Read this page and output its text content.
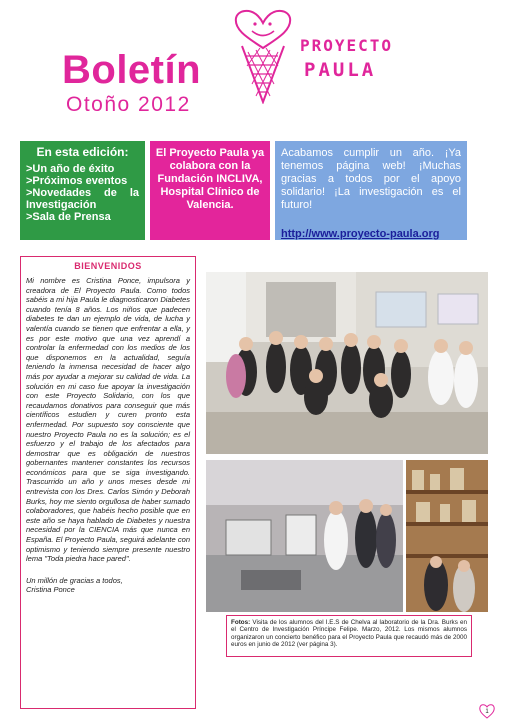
Boletín
Otoño 2012
PROYECTO
PAULA
En esta edición:
>Un año de éxito
>Próximos eventos
>Novedades de la
Investigación
>Sala de Prensa
El Proyecto Paula ya colabora con la Fundación INCLIVA, Hospital Clínico de Valencia.
Acabamos cumplir un año. ¡Ya tenemos página web! ¡Muchas gracias a todos por el apoyo solidario! ¡La investigación es el futuro!
http://www.proyecto-paula.org
BIENVENIDOS

Mi nombre es Cristina Ponce, impulsora y creadora de El Proyecto Paula. Como todos sabéis a mi hija Paula le diagnosticaron Diabetes cuando tenía 8 años. Los niños que padecen diabetes te dan un ejemplo de vida, de lucha y valentía cuando se tienen que enfrentar a ella, y es por este motivo que una vez aprendí a controlar la enfermedad con los medios de los que disponemos en la actualidad, seguía teniendo la inmensa necesidad de hacer algo más por ayudar a mejorar su calidad de vida. La solución en mi caso fue apoyar la investigación con este Proyecto Solidario, con los que recaudamos donativos para conseguir que más científicos estudien y curen pronto esta enfermedad. Por supuesto soy consciente que nuestro Proyecto Paula no es la solución; es el esfuerzo y el trabajo de los afectados para demostrar que es obligación de nuestros gobernantes mantener constantes los recursos económicos para que se siga investigando. Trascurrido un año y unos meses desde mi entrevista con los Dres. Carlos Simón y Deborah Burks, hoy me siento orgullosa de haber sumado colaboradores, que habéis hecho posible que en este año se haya hablado de Diabetes y nuestra necesidad por la CIENCIA más que nunca en España. El Proyecto Paula, seguirá adelante con optimismo y teniendo siempre presente nuestro lema "Toda piedra hace pared".

Un millón de gracias a todos,
Cristina Ponce

Fotos: Visita de los alumnos del I.E.S de Chelva al laboratorio de la Dra. Burks en el Centro de Investigación Príncipe Felipe. Marzo, 2012. Los mismos alumnos organizaron un concierto benéfico para el Proyecto Paula que recaudó más de 2000 euros en junio de 2012 (ver página 3).
1
